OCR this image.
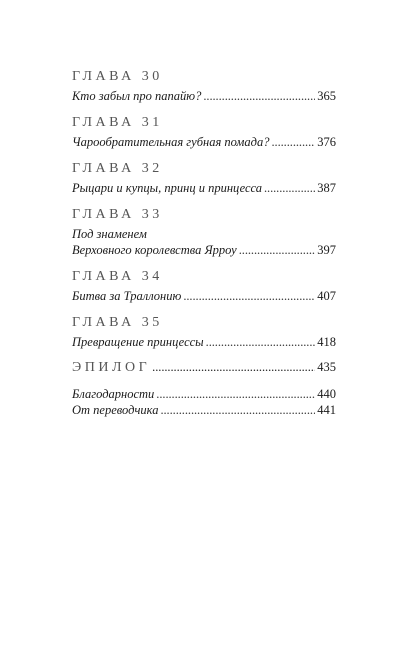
ГЛАВА 30
Кто забыл про папайю? . . .	365
ГЛАВА 31
Чарообратительная губная помада? . . .	376
ГЛАВА 32
Рыцари и купцы, принц и принцесса . . .	387
ГЛАВА 33
Под знаменем
Верховного королевства Ярроу . . .	397
ГЛАВА 34
Битва за Траллонию . . .	407
ГЛАВА 35
Превращение принцессы . . .	418
ЭПИЛОГ . . .	435
Благодарности . . .	440
От переводчика . . .	441
